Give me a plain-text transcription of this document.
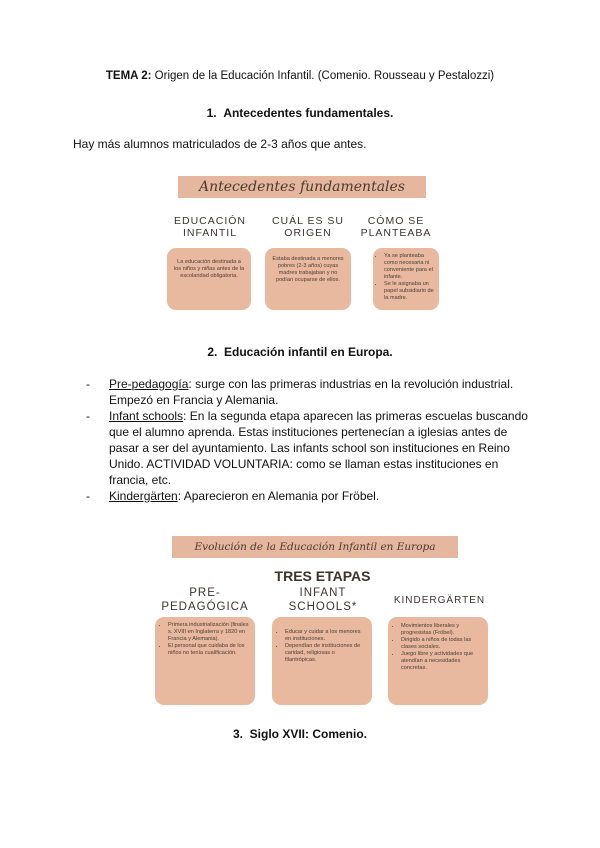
TEMA 2: Origen de la Educación Infantil. (Comenio. Rousseau y Pestalozzi)
1. Antecedentes fundamentales.
Hay más alumnos matriculados de 2-3 años que antes.
Antecedentes fundamentales
EDUCACIÓN
INFANTIL
CUÁL ES SU
ORIGEN
CÓMO SE
PLANTEABA
La educación destinada a los niños y niñas antes de la escolaridad obligatoria.
Estaba destinada a menores pobres (2-3 años) cuyas madres trabajaban y no podían ocuparse de ellos.
• Ya se planteaba como necesaria ni conveniente para el infante.
• Se le asignaba un papel subsidiario de la madre.
2. Educación infantil en Europa.
-	Pre-pedagogía: surge con las primeras industrias en la revolución industrial. Empezó en Francia y Alemania.
-	Infant schools: En la segunda etapa aparecen las primeras escuelas buscando que el alumno aprenda. Estas instituciones pertenecían a iglesias antes de pasar a ser del ayuntamiento. Las infants school son instituciones en Reino Unido. ACTIVIDAD VOLUNTARIA: como se llaman estas instituciones en francia, etc.
-	Kindergärten: Aparecieron en Alemania por Fröbel.
Evolución de la Educación Infantil en Europa
TRES ETAPAS
PRE-
PEDAGÓGICA
INFANT
SCHOOLS*
KINDERGÄRTEN
• Primera industrialización (finales s. XVIII en Inglaterra y 1820 en Francia y Alemania).
• El personal que cuidaba de los niños no tenía cualificación.
• Educar y cuidar a los menores en instituciones.
• Dependían de instituciones de caridad, religiosas o filantrópicas.
• Movimientos liberales y progresistas (Fröbel).
• Dirigido a niños de todas las clases sociales.
• Juego libre y actividades que atendían a necesidades concretas.
3. Siglo XVII: Comenio.
